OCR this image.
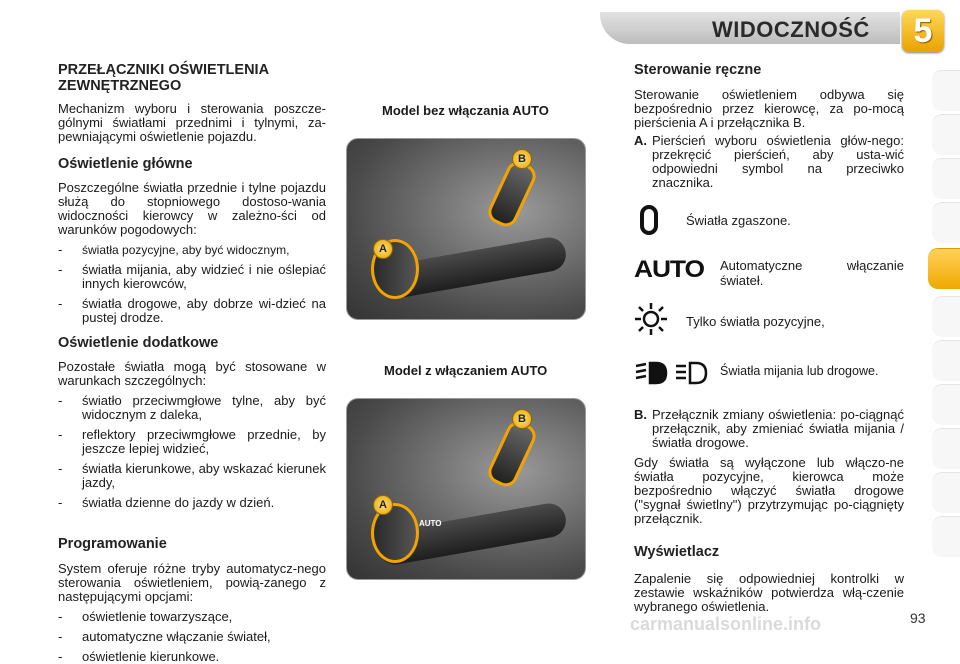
WIDOCZNOŚĆ	5
PRZEŁĄCZNIKI OŚWIETLENIA ZEWNĘTRZNEGO

Mechanizm wyboru i sterowania poszcze-gólnymi światłami przednimi i tylnymi, za-pewniającymi oświetlenie pojazdu.

Oświetlenie główne

Poszczególne światła przednie i tylne pojazdu służą do stopniowego dostoso-wania widoczności kierowcy w zależno-ści od warunków pogodowych:

- światła pozycyjne, aby być widocznym,
- światła mijania, aby widzieć i nie oślepiać innych kierowców,
- światła drogowe, aby dobrze wi-dzieć na pustej drodze.
Oświetlenie dodatkowe

Pozostałe światła mogą być stosowane w warunkach szczególnych:

- światło przeciwmgłowe tylne, aby być widocznym z daleka,
- reflektory przeciwmgłowe przednie, by jeszcze lepiej widzieć,
- światła kierunkowe, aby wskazać kierunek jazdy,
- światła dzienne do jazdy w dzień.
Programowanie

System oferuje różne tryby automatycz-nego sterowania oświetleniem, powią-zanego z następującymi opcjami:

- oświetlenie towarzyszące,
- automatyczne włączanie świateł,
- oświetlenie kierunkowe.
Model bez włączania AUTO
B
A
Model z włączaniem AUTO
B
A
AUTO
Sterowanie ręczne

Sterowanie oświetleniem odbywa się bezpośrednio przez kierowcę, za po-mocą pierścienia A i przełącznika B.

A. Pierścień wyboru oświetlenia głów-nego: przekręcić pierścień, aby usta-wić odpowiedni symbol na przeciwko znacznika.

Światła zgaszone.
AUTO Automatyczne włączanie świateł.
Tylko światła pozycyjne,
Światła mijania lub drogowe.
B. Przełącznik zmiany oświetlenia: po-ciągnąć przełącznik, aby zmieniać światła mijania / światła drogowe.

Gdy światła są wyłączone lub włączo-ne światła pozycyjne, kierowca może bezpośrednio włączyć światła drogowe ("sygnał świetlny") przytrzymując po-ciągnięty przełącznik.

Wyświetlacz

Zapalenie się odpowiedniej kontrolki w zestawie wskaźników potwierdza włą-czenie wybranego oświetlenia.

carmanualsonline.info	93
